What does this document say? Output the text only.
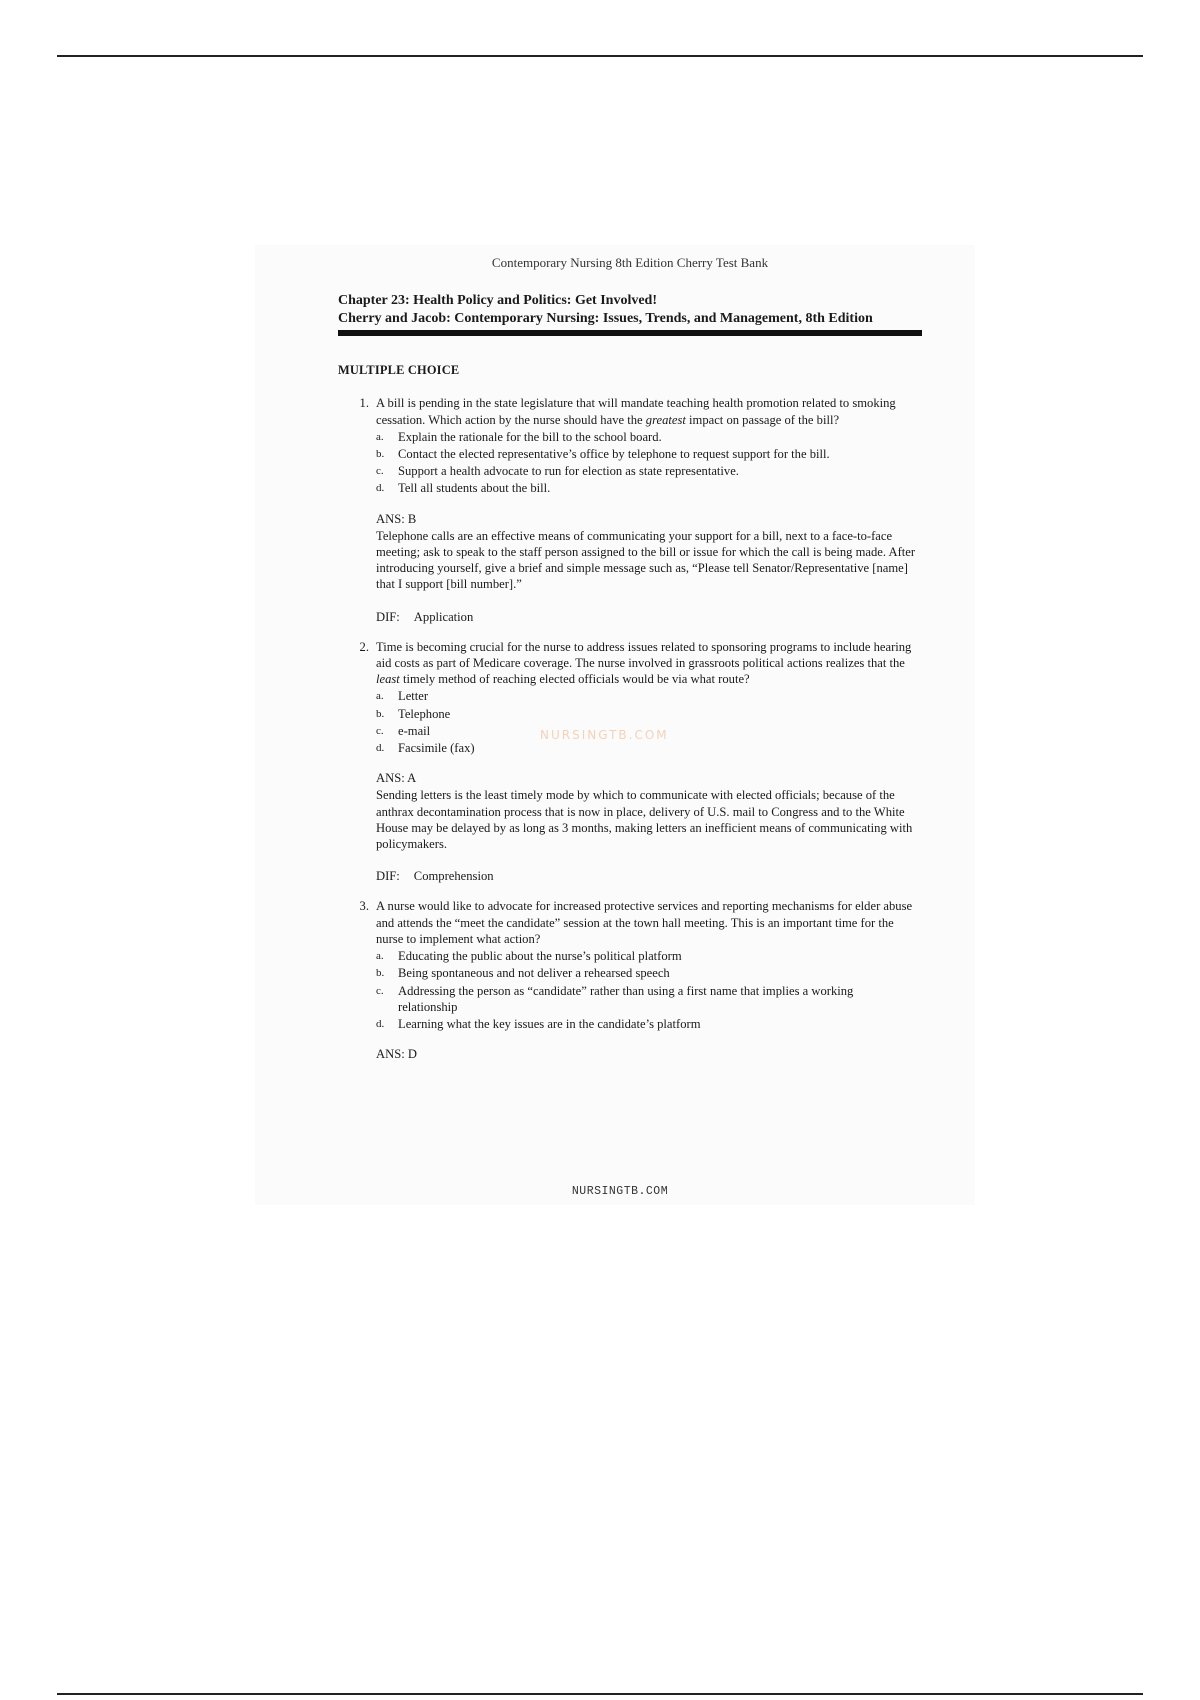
Contemporary Nursing 8th Edition Cherry Test Bank
Chapter 23: Health Policy and Politics: Get Involved!
Cherry and Jacob: Contemporary Nursing: Issues, Trends, and Management, 8th Edition
MULTIPLE CHOICE
1. A bill is pending in the state legislature that will mandate teaching health promotion related to smoking cessation. Which action by the nurse should have the greatest impact on passage of the bill?
a.	Explain the rationale for the bill to the school board.
b.	Contact the elected representative’s office by telephone to request support for the bill.
c.	Support a health advocate to run for election as state representative.
d.	Tell all students about the bill.
ANS: B

Telephone calls are an effective means of communicating your support for a bill, next to a face-to-face meeting; ask to speak to the staff person assigned to the bill or issue for which the call is being made. After introducing yourself, give a brief and simple message such as, “Please tell Senator/Representative [name] that I support [bill number].”

DIF: Application
2. Time is becoming crucial for the nurse to address issues related to sponsoring programs to include hearing aid costs as part of Medicare coverage. The nurse involved in grassroots political actions realizes that the least timely method of reaching elected officials would be via what route?
a.	Letter
b.	Telephone
c.	e-mail
d.	Facsimile (fax)
ANS: A

Sending letters is the least timely mode by which to communicate with elected officials; because of the anthrax decontamination process that is now in place, delivery of U.S. mail to Congress and to the White House may be delayed by as long as 3 months, making letters an inefficient means of communicating with policymakers.

DIF: Comprehension
3. A nurse would like to advocate for increased protective services and reporting mechanisms for elder abuse and attends the “meet the candidate” session at the town hall meeting. This is an important time for the nurse to implement what action?
a.	Educating the public about the nurse’s political platform
b.	Being spontaneous and not deliver a rehearsed speech
c.	Addressing the person as “candidate” rather than using a first name that implies a working relationship
d.	Learning what the key issues are in the candidate’s platform
ANS: D
NURSINGTB.COM
NURSINGTB.COM
